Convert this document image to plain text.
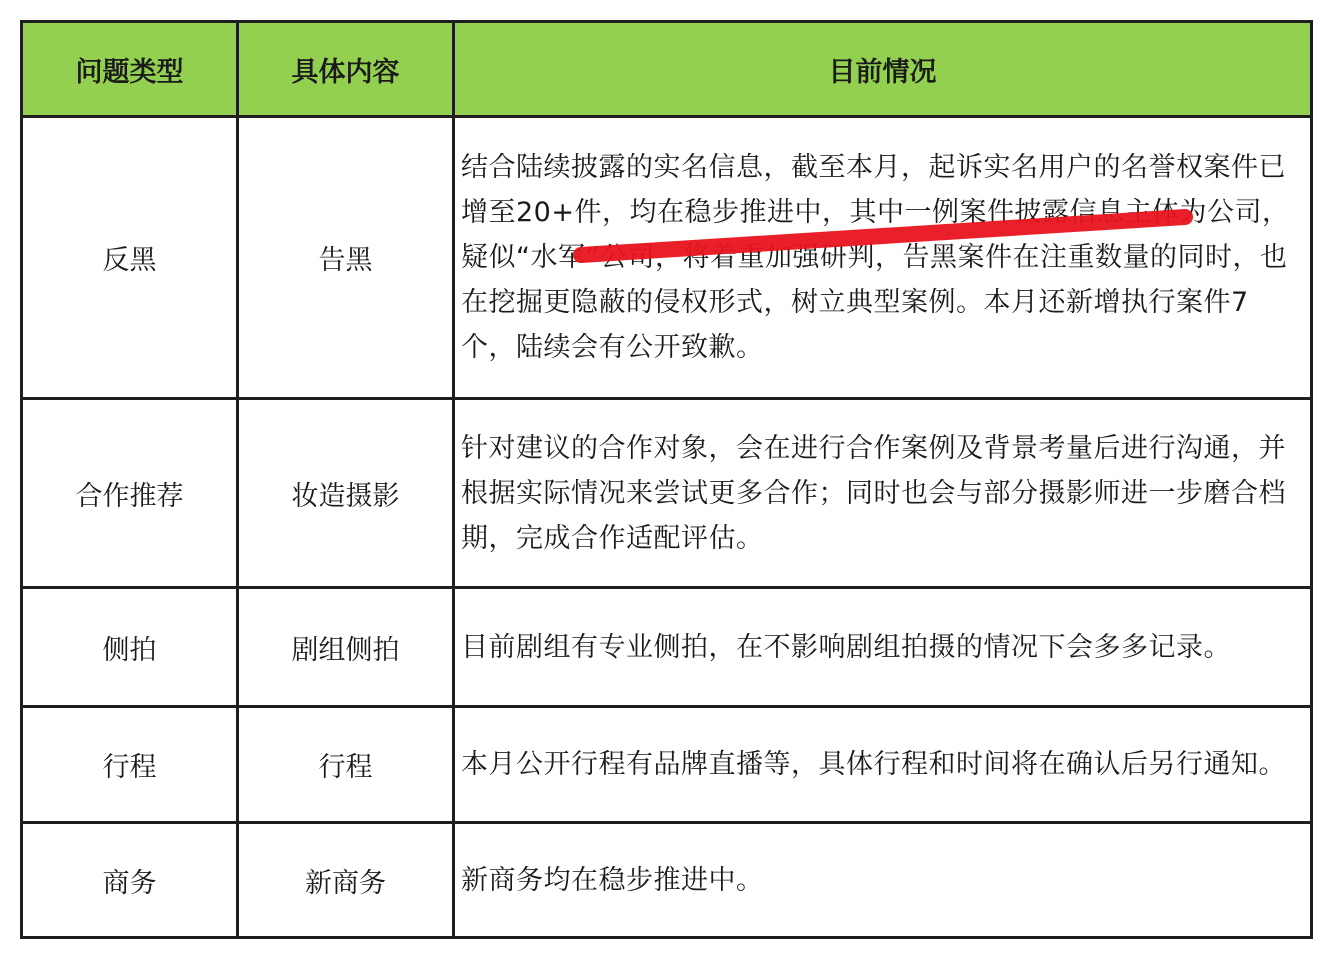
问题类型	具体内容	目前情况
反黑	告黑	结合陆续披露的实名信息，截至本月，起诉实名用户的名誉权案件已增至20+件，均在稳步推进中，其中一例案件披露信息主体为公司，疑似“水军”公司，将着重加强研判，告黑案件在注重数量的同时，也在挖掘更隐蔽的侵权形式，树立典型案例。本月还新增执行案件7个，陆续会有公开致歉。

合作推荐	妆造摄影	针对建议的合作对象，会在进行合作案例及背景考量后进行沟通，并根据实际情况来尝试更多合作；同时也会与部分摄影师进一步磨合档期，完成合作适配评估。
侧拍	剧组侧拍	目前剧组有专业侧拍，在不影响剧组拍摄的情况下会多多记录。
行程	行程	本月公开行程有品牌直播等，具体行程和时间将在确认后另行通知。
商务	新商务	新商务均在稳步推进中。
